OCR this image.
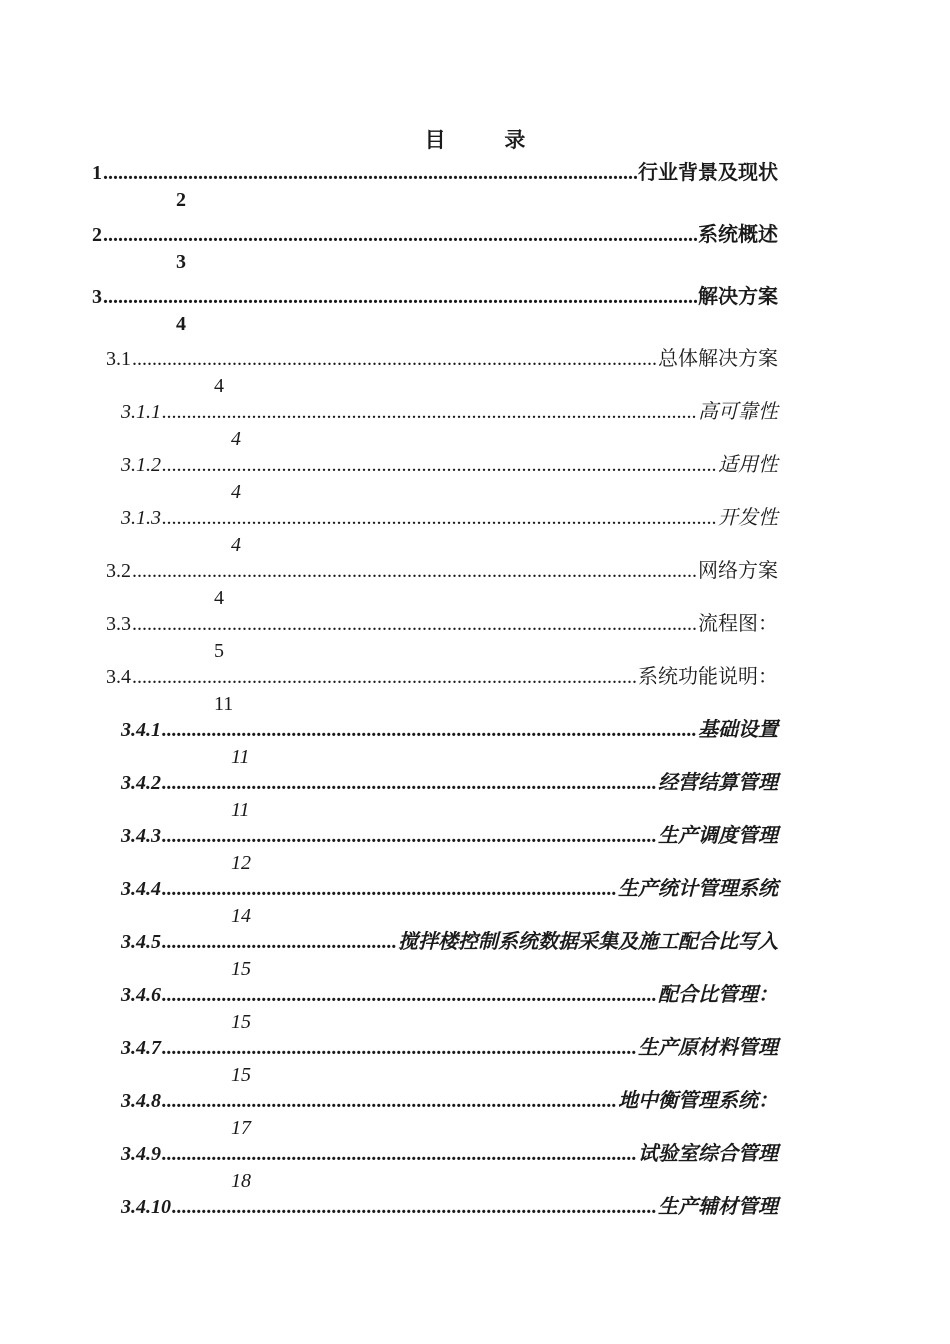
目　录
1 .....	行业背景及现状
2
2 .....	系统概述
3
3 .....	解决方案
4
3.1 .....	总体解决方案
4
3.1.1 .....	高可靠性
4
3.1.2 .....	适用性
4
3.1.3 .....	开发性
4
3.2 .....	网络方案
4
3.3 .....	流程图：
5
3.4 .....	系统功能说明：
11
3.4.1 .....	基础设置
11
3.4.2 .....	经营结算管理
11
3.4.3 .....	生产调度管理
12
3.4.4 .....	生产统计管理系统
14
3.4.5 .....	搅拌楼控制系统数据采集及施工配合比写入
15
3.4.6 .....	配合比管理：
15
3.4.7 .....	生产原材料管理
15
3.4.8 .....	地中衡管理系统：
17
3.4.9 .....	试验室综合管理
18
3.4.10 .....	生产辅材管理
